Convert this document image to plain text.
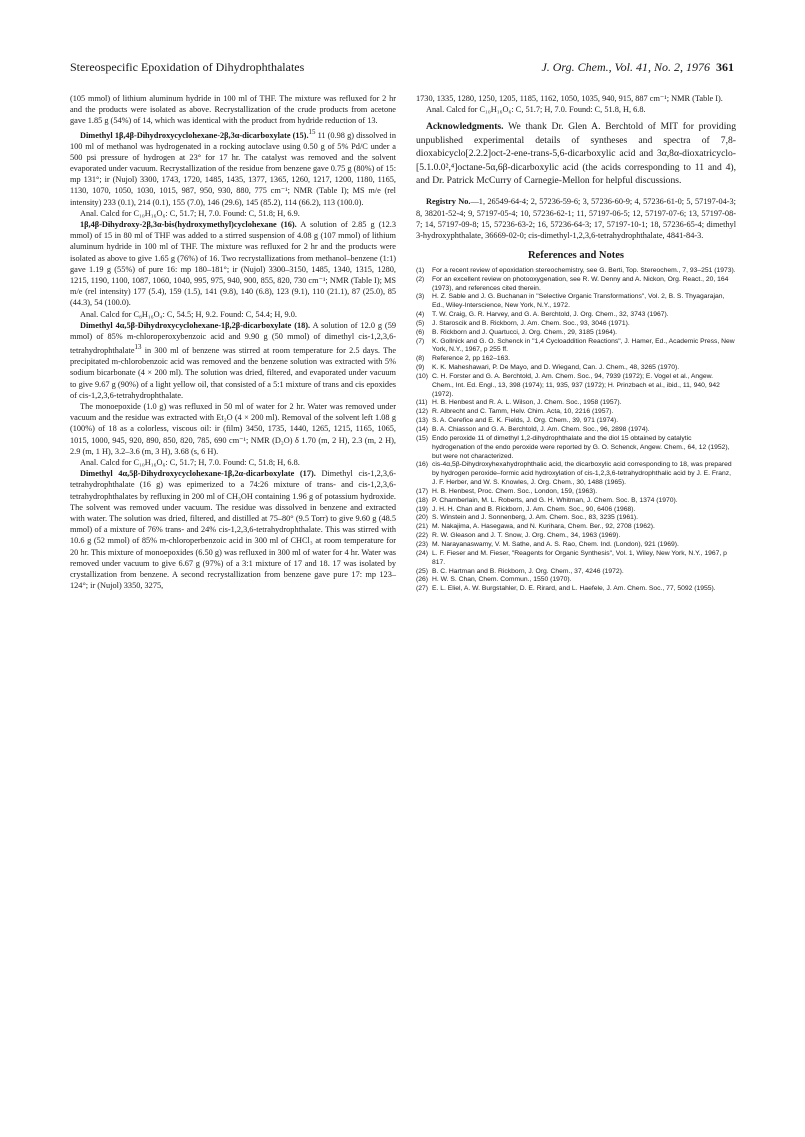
Stereospecific Epoxidation of Dihydrophthalates	J. Org. Chem., Vol. 41, No. 2, 1976 361

(105 mmol) of lithium aluminum hydride in 100 ml of THF. The mixture was refluxed for 2 hr and the products were isolated as above. Recrystallization of the crude products from acetone gave 1.85 g (54%) of 14, which was identical with the product from hydride reduction of 13.

Dimethyl 1β,4β-Dihydroxycyclohexane-2β,3α-dicarboxylate (15).$^{15}$ 11 (0.98 g) dissolved in 100 ml of methanol was hydrogenated in a rocking autoclave using 0.50 g of 5% Pd/C under a 500 psi pressure of hydrogen at 23° for 17 hr. The catalyst was removed and the solvent evaporated under vacuum. Recrystallization of the residue from benzene gave 0.75 g (80%) of 15: mp 131°; ir (Nujol) 3300, 1743, 1720, 1485, 1435, 1377, 1365, 1260, 1217, 1200, 1180, 1165, 1130, 1070, 1050, 1030, 1015, 987, 950, 930, 880, 775 cm⁻¹; NMR (Table I); MS m/e (rel intensity) 233 (0.1), 214 (0.1), 155 (7.0), 146 (29.6), 145 (85.2), 114 (66.2), 113 (100.0).

Anal. Calcd for C₁₀H₁₆O₆: C, 51.7; H, 7.0. Found: C, 51.8; H, 6.9.

1β,4β-Dihydroxy-2β,3α-bis(hydroxymethyl)cyclohexane (16). A solution of 2.85 g (12.3 mmol) of 15 in 80 ml of THF was added to a stirred suspension of 4.08 g (107 mmol) of lithium aluminum hydride in 100 ml of THF. The mixture was refluxed for 2 hr and the products were isolated as above to give 1.65 g (76%) of 16. Two recrystallizations from methanol–benzene (1:1) gave 1.19 g (55%) of pure 16: mp 180–181°; ir (Nujol) 3300–3150, 1485, 1340, 1315, 1280, 1215, 1190, 1100, 1087, 1060, 1040, 995, 975, 940, 900, 855, 820, 730 cm⁻¹; NMR (Table I); MS m/e (rel intensity) 177 (5.4), 159 (1.5), 141 (9.8), 140 (6.8), 123 (9.1), 110 (21.1), 87 (25.0), 85 (44.3), 54 (100.0).

Anal. Calcd for C₈H₁₆O₄: C, 54.5; H, 9.2. Found: C, 54.4; H, 9.0.

Dimethyl 4α,5β-Dihydroxycyclohexane-1β,2β-dicarboxylate (18). A solution of 12.0 g (59 mmol) of 85% m-chloroperoxybenzoic acid and 9.90 g (50 mmol) of dimethyl cis-1,2,3,6-tetrahydrophthalate$^{13}$ in 300 ml of benzene was stirred at room temperature for 2.5 days. The precipitated m-chlorobenzoic acid was removed and the benzene solution was extracted with 5% sodium bicarbonate (4 × 200 ml). The solution was dried, filtered, and evaporated under vacuum to give 9.67 g (90%) of a light yellow oil, that consisted of a 5:1 mixture of trans and cis epoxides of cis-1,2,3,6-tetrahydrophthalate.

The monoepoxide (1.0 g) was refluxed in 50 ml of water for 2 hr. Water was removed under vacuum and the residue was extracted with Et₂O (4 × 200 ml). Removal of the solvent left 1.08 g (100%) of 18 as a colorless, viscous oil: ir (film) 3450, 1735, 1440, 1265, 1215, 1165, 1065, 1015, 1000, 945, 920, 890, 850, 820, 785, 690 cm⁻¹; NMR (D₂O) δ 1.70 (m, 2 H), 2.3 (m, 2 H), 2.9 (m, 1 H), 3.2–3.6 (m, 3 H), 3.68 (s, 6 H).

Anal. Calcd for C₁₀H₁₆O₆: C, 51.7; H, 7.0. Found: C, 51.8; H, 6.8.

Dimethyl 4α,5β-Dihydroxycyclohexane-1β,2α-dicarboxylate (17). Dimethyl cis-1,2,3,6-tetrahydrophthalate (16 g) was epimerized to a 74:26 mixture of trans- and cis-1,2,3,6-tetrahydrophthalates by refluxing in 200 ml of CH₃OH containing 1.96 g of potassium hydroxide. The solvent was removed under vacuum. The residue was dissolved in benzene and extracted with water. The solution was dried, filtered, and distilled at 75–80° (9.5 Torr) to give 9.60 g (48.5 mmol) of a mixture of 76% trans- and 24% cis-1,2,3,6-tetrahydrophthalate. This was stirred with 10.6 g (52 mmol) of 85% m-chloroperbenzoic acid in 300 ml of CHCl₃ at room temperature for 20 hr. This mixture of monoepoxides (6.50 g) was refluxed in 300 ml of water for 4 hr. Water was removed under vacuum to give 6.67 g (97%) of a 3:1 mixture of 17 and 18. 17 was isolated by crystallization from benzene. A second recrystallization from benzene gave pure 17: mp 123–124°; ir (Nujol) 3350, 3275,

1730, 1335, 1280, 1250, 1205, 1185, 1162, 1050, 1035, 940, 915, 887 cm⁻¹; NMR (Table I).

Anal. Calcd for C₁₀H₁₆O₆: C, 51.7; H, 7.0. Found: C, 51.8, H, 6.8.

Acknowledgments. We thank Dr. Glen A. Berchtold of MIT for providing unpublished experimental details of syntheses and spectra of 7,8-dioxabicyclo[2.2.2]oct-2-ene-trans-5,6-dicarboxylic acid and 3α,8α-dioxatricyclo-[5.1.0.0²,⁴]octane-5α,6β-dicarboxylic acid (the acids corresponding to 11 and 4), and Dr. Patrick McCurry of Carnegie-Mellon for helpful discussions.

Registry No.—1, 26549-64-4; 2, 57236-59-6; 3, 57236-60-9; 4, 57236-61-0; 5, 57197-04-3; 8, 38201-52-4; 9, 57197-05-4; 10, 57236-62-1; 11, 57197-06-5; 12, 57197-07-6; 13, 57197-08-7; 14, 57197-09-8; 15, 57236-63-2; 16, 57236-64-3; 17, 57197-10-1; 18, 57236-65-4; dimethyl 3-hydroxyphthalate, 36669-02-0; cis-dimethyl-1,2,3,6-tetrahydrophthalate, 4841-84-3.

References and Notes
(1)	For a recent review of epoxidation stereochemistry, see G. Berti, Top. Stereochem., 7, 93–251 (1973).
(2)	For an excellent review on photooxygenation, see R. W. Denny and A. Nickon, Org. React., 20, 164 (1973), and references cited therein.
(3)	H. Z. Sable and J. G. Buchanan in "Selective Organic Transformations", Vol. 2, B. S. Thyagarajan, Ed., Wiley-Interscience, New York, N.Y., 1972.
(4)	T. W. Craig, G. R. Harvey, and G. A. Berchtold, J. Org. Chem., 32, 3743 (1967).
(5)	J. Staroscik and B. Rickborn, J. Am. Chem. Soc., 93, 3046 (1971).
(6)	B. Rickborn and J. Quartucci, J. Org. Chem., 29, 3185 (1964).
(7)	K. Gollnick and G. O. Schenck in "1,4 Cycloaddition Reactions", J. Hamer, Ed., Academic Press, New York, N.Y., 1967, p 255 ff.
(8)	Reference 2, pp 162–163.
(9)	K. K. Maheshawari, P. De Mayo, and D. Wiegand, Can. J. Chem., 48, 3265 (1970).
(10) C. H. Forster and G. A. Berchtold, J. Am. Chem. Soc., 94, 7939 (1972); E. Vogel et al., Angew. Chem., Int. Ed. Engl., 13, 398 (1974); 11, 935, 937 (1972); H. Prinzbach et al., ibid., 11, 940, 942 (1972).
(11) H. B. Henbest and R. A. L. Wilson, J. Chem. Soc., 1958 (1957).
(12) R. Albrecht and C. Tamm, Helv. Chim. Acta, 10, 2216 (1957).
(13) S. A. Cerefice and E. K. Fields, J. Org. Chem., 39, 971 (1974).
(14) B. A. Chiasson and G. A. Berchtold, J. Am. Chem. Soc., 96, 2898 (1974).
(15) Endo peroxide 11 of dimethyl 1,2-dihydrophthalate and the diol 15 obtained by catalytic hydrogenation of the endo peroxide were reported by G. O. Schenck, Angew. Chem., 64, 12 (1952), but were not characterized.
(16) cis-4α,5β-Dihydroxyhexahydrophthalic acid, the dicarboxylic acid corresponding to 18, was prepared by hydrogen peroxide–formic acid hydroxylation of cis-1,2,3,6-tetrahydrophthalic acid by J. E. Franz, J. F. Herber, and W. S. Knowles, J. Org. Chem., 30, 1488 (1965).
(17) H. B. Henbest, Proc. Chem. Soc., London, 159, (1963).
(18) P. Chamberlain, M. L. Roberts, and G. H. Whitman, J. Chem. Soc. B, 1374 (1970).
(19) J. H. H. Chan and B. Rickborn, J. Am. Chem. Soc., 90, 6406 (1968).
(20) S. Winstein and J. Sonnenberg, J. Am. Chem. Soc., 83, 3235 (1961).
(21) M. Nakajima, A. Hasegawa, and N. Kurihara, Chem. Ber., 92, 2708 (1962).
(22) R. W. Gleason and J. T. Snow, J. Org. Chem., 34, 1963 (1969).
(23) M. Narayanaswamy, V. M. Sathe, and A. S. Rao, Chem. Ind. (London), 921 (1969).
(24) L. F. Fieser and M. Fieser, "Reagents for Organic Synthesis", Vol. 1, Wiley, New York, N.Y., 1967, p 817.
(25) B. C. Hartman and B. Rickborn, J. Org. Chem., 37, 4246 (1972).
(26) H. W. S. Chan, Chem. Commun., 1550 (1970).
(27) E. L. Eliel, A. W. Burgstahler, D. E. Rirard, and L. Haefele, J. Am. Chem. Soc., 77, 5092 (1955).
